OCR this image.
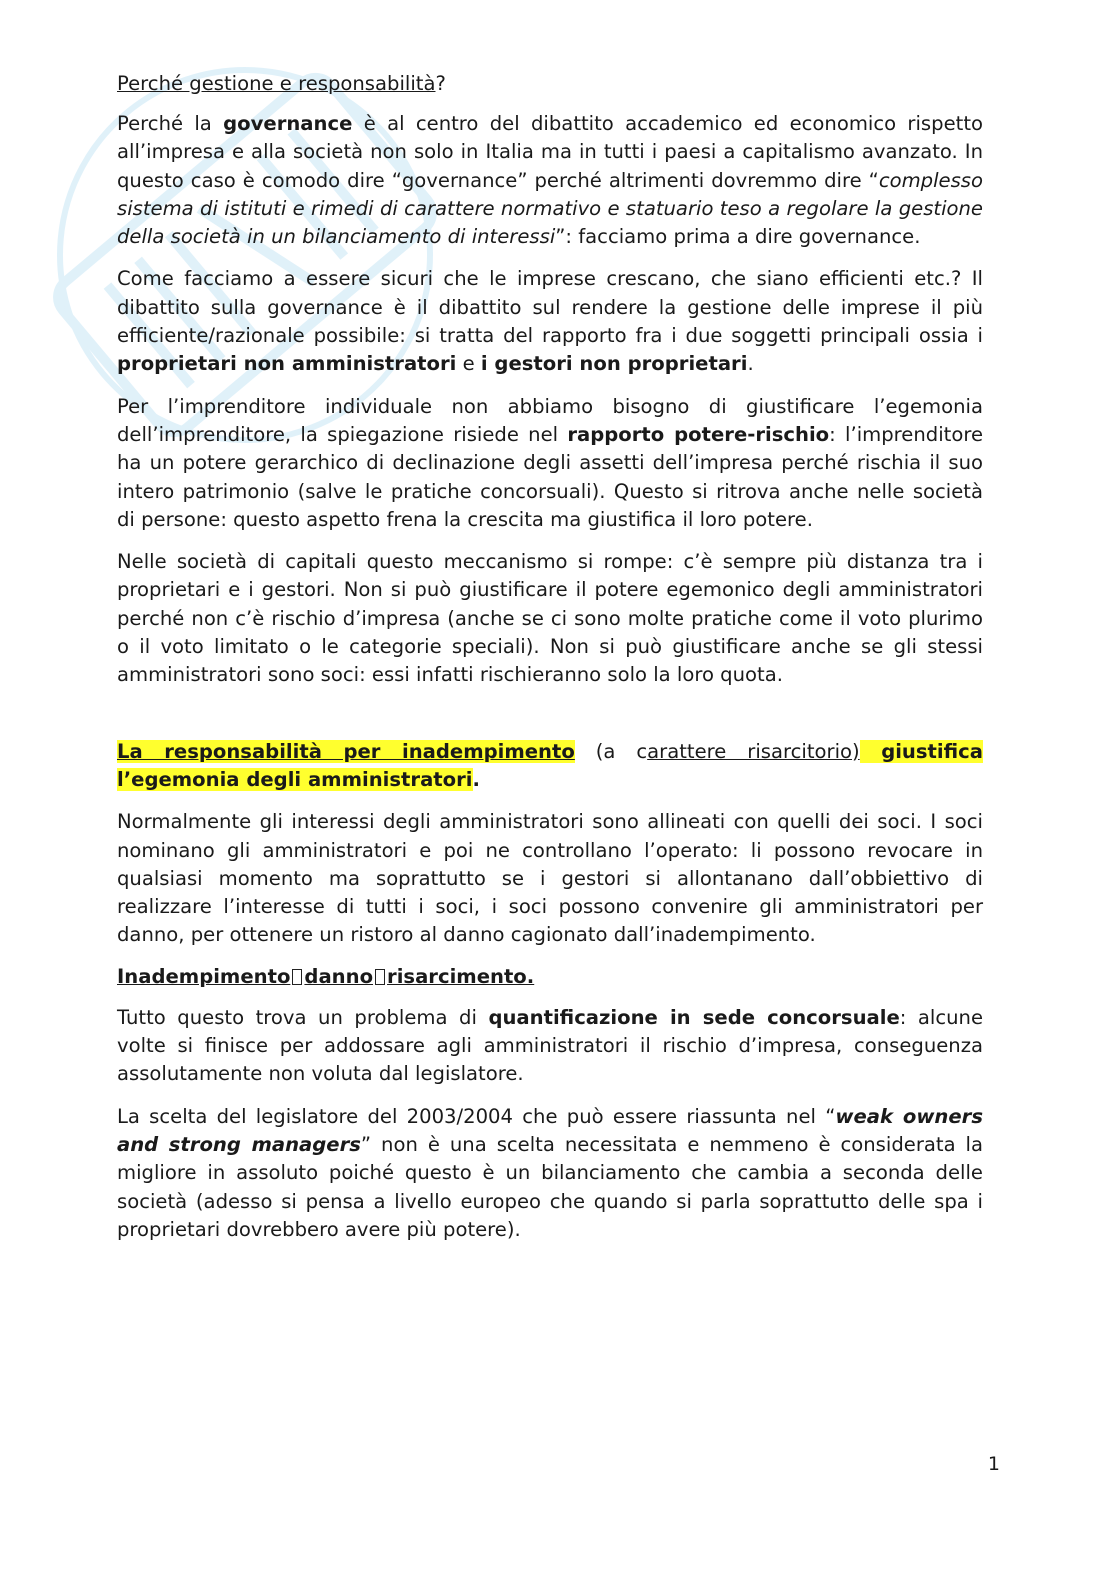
Perché gestione e responsabilità?

Perché la governance è al centro del dibattito accademico ed economico rispetto all’impresa e alla società non solo in Italia ma in tutti i paesi a capitalismo avanzato. In questo caso è comodo dire “governance” perché altrimenti dovremmo dire “complesso sistema di istituti e rimedi di carattere normativo e statuario teso a regolare la gestione della società in un bilanciamento di interessi”: facciamo prima a dire governance.

Come facciamo a essere sicuri che le imprese crescano, che siano efficienti etc.? Il dibattito sulla governance è il dibattito sul rendere la gestione delle imprese il più efficiente/razionale possibile: si tratta del rapporto fra i due soggetti principali ossia i proprietari non amministratori e i gestori non proprietari.

Per l’imprenditore individuale non abbiamo bisogno di giustificare l’egemonia dell’imprenditore, la spiegazione risiede nel rapporto potere-rischio: l’imprenditore ha un potere gerarchico di declinazione degli assetti dell’impresa perché rischia il suo intero patrimonio (salve le pratiche concorsuali). Questo si ritrova anche nelle società di persone: questo aspetto frena la crescita ma giustifica il loro potere.

Nelle società di capitali questo meccanismo si rompe: c’è sempre più distanza tra i proprietari e i gestori. Non si può giustificare il potere egemonico degli amministratori perché non c’è rischio d’impresa (anche se ci sono molte pratiche come il voto plurimo o il voto limitato o le categorie speciali). Non si può giustificare anche se gli stessi amministratori sono soci: essi infatti rischieranno solo la loro quota.

La responsabilità per inadempimento (a carattere risarcitorio) giustifica l’egemonia degli amministratori.

Normalmente gli interessi degli amministratori sono allineati con quelli dei soci. I soci nominano gli amministratori e poi ne controllano l’operato: li possono revocare in qualsiasi momento ma soprattutto se i gestori si allontanano dall’obbiettivo di realizzare l’interesse di tutti i soci, i soci possono convenire gli amministratori per danno, per ottenere un ristoro al danno cagionato dall’inadempimento.

Inadempimento danno risarcimento.

Tutto questo trova un problema di quantificazione in sede concorsuale: alcune volte si finisce per addossare agli amministratori il rischio d’impresa, conseguenza assolutamente non voluta dal legislatore.

La scelta del legislatore del 2003/2004 che può essere riassunta nel “weak owners and strong managers” non è una scelta necessitata e nemmeno è considerata la migliore in assoluto poiché questo è un bilanciamento che cambia a seconda delle società (adesso si pensa a livello europeo che quando si parla soprattutto delle spa i proprietari dovrebbero avere più potere).

1
